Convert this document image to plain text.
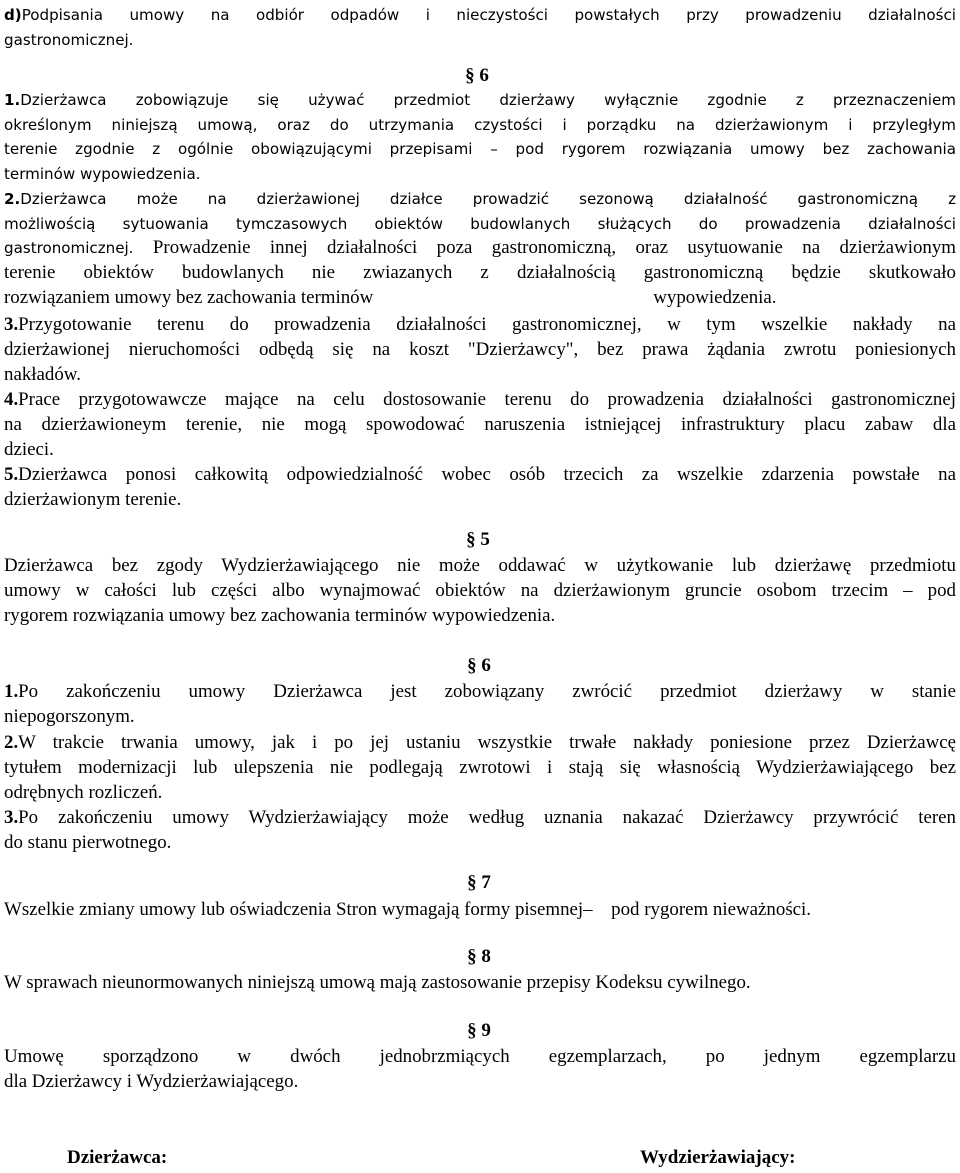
d)Podpisania umowy na odbiór odpadów i nieczystości powstałych przy prowadzeniu działalności
gastronomicznej.
§ 6
1.Dzierżawca zobowiązuje się używać przedmiot dzierżawy wyłącznie zgodnie z przeznaczeniem
określonym niniejszą umową, oraz do utrzymania czystości i porządku na dzierżawionym i przyległym
terenie zgodnie z ogólnie obowiązującymi przepisami – pod rygorem rozwiązania umowy bez zachowania
terminów wypowiedzenia.
2.Dzierżawca może na dzierżawionej działce prowadzić sezonową działalność gastronomiczną z
możliwością sytuowania tymczasowych obiektów budowlanych służących do prowadzenia działalności
gastronomicznej. Prowadzenie innej działalności poza gastronomiczną, oraz usytuowanie na dzierżawionym
terenie obiektów budowlanych nie zwiazanych z działalnością gastronomiczną będzie skutkowało
rozwiązaniem umowy bez zachowania terminów	wypowiedzenia.
3.Przygotowanie terenu do prowadzenia działalności gastronomicznej, w tym wszelkie nakłady na
dzierżawionej nieruchomości odbędą się na koszt "Dzierżawcy", bez prawa żądania zwrotu poniesionych
nakładów.
4.Prace przygotowawcze mające na celu dostosowanie terenu do prowadzenia działalności gastronomicznej
na dzierżawioneym terenie, nie mogą spowodować naruszenia istniejącej infrastruktury placu zabaw dla
dzieci.
5.Dzierżawca ponosi całkowitą odpowiedzialność wobec osób trzecich za wszelkie zdarzenia powstałe na
dzierżawionym terenie.
§ 5
Dzierżawca bez zgody Wydzierżawiającego nie może oddawać w użytkowanie lub dzierżawę przedmiotu
umowy w całości lub części albo wynajmować obiektów na dzierżawionym gruncie osobom trzecim – pod
rygorem rozwiązania umowy bez zachowania terminów wypowiedzenia.
§ 6
1.Po zakończeniu umowy Dzierżawca jest zobowiązany zwrócić przedmiot dzierżawy w stanie
niepogorszonym.
2.W trakcie trwania umowy, jak i po jej ustaniu wszystkie trwałe nakłady poniesione przez Dzierżawcę
tytułem modernizacji lub ulepszenia nie podlegają zwrotowi i stają się własnością Wydzierżawiającego bez
odrębnych rozliczeń.
3.Po zakończeniu umowy Wydzierżawiający może według uznania nakazać Dzierżawcy przywrócić teren
do stanu pierwotnego.
§ 7
Wszelkie zmiany umowy lub oświadczenia Stron wymagają formy pisemnej– pod rygorem nieważności.
§ 8
W sprawach nieunormowanych niniejszą umową mają zastosowanie przepisy Kodeksu cywilnego.
§ 9
Umowę sporządzono w dwóch jednobrzmiących egzemplarzach, po jednym egzemplarzu
dla Dzierżawcy i Wydzierżawiającego.
Dzierżawca:	Wydzierżawiający:
